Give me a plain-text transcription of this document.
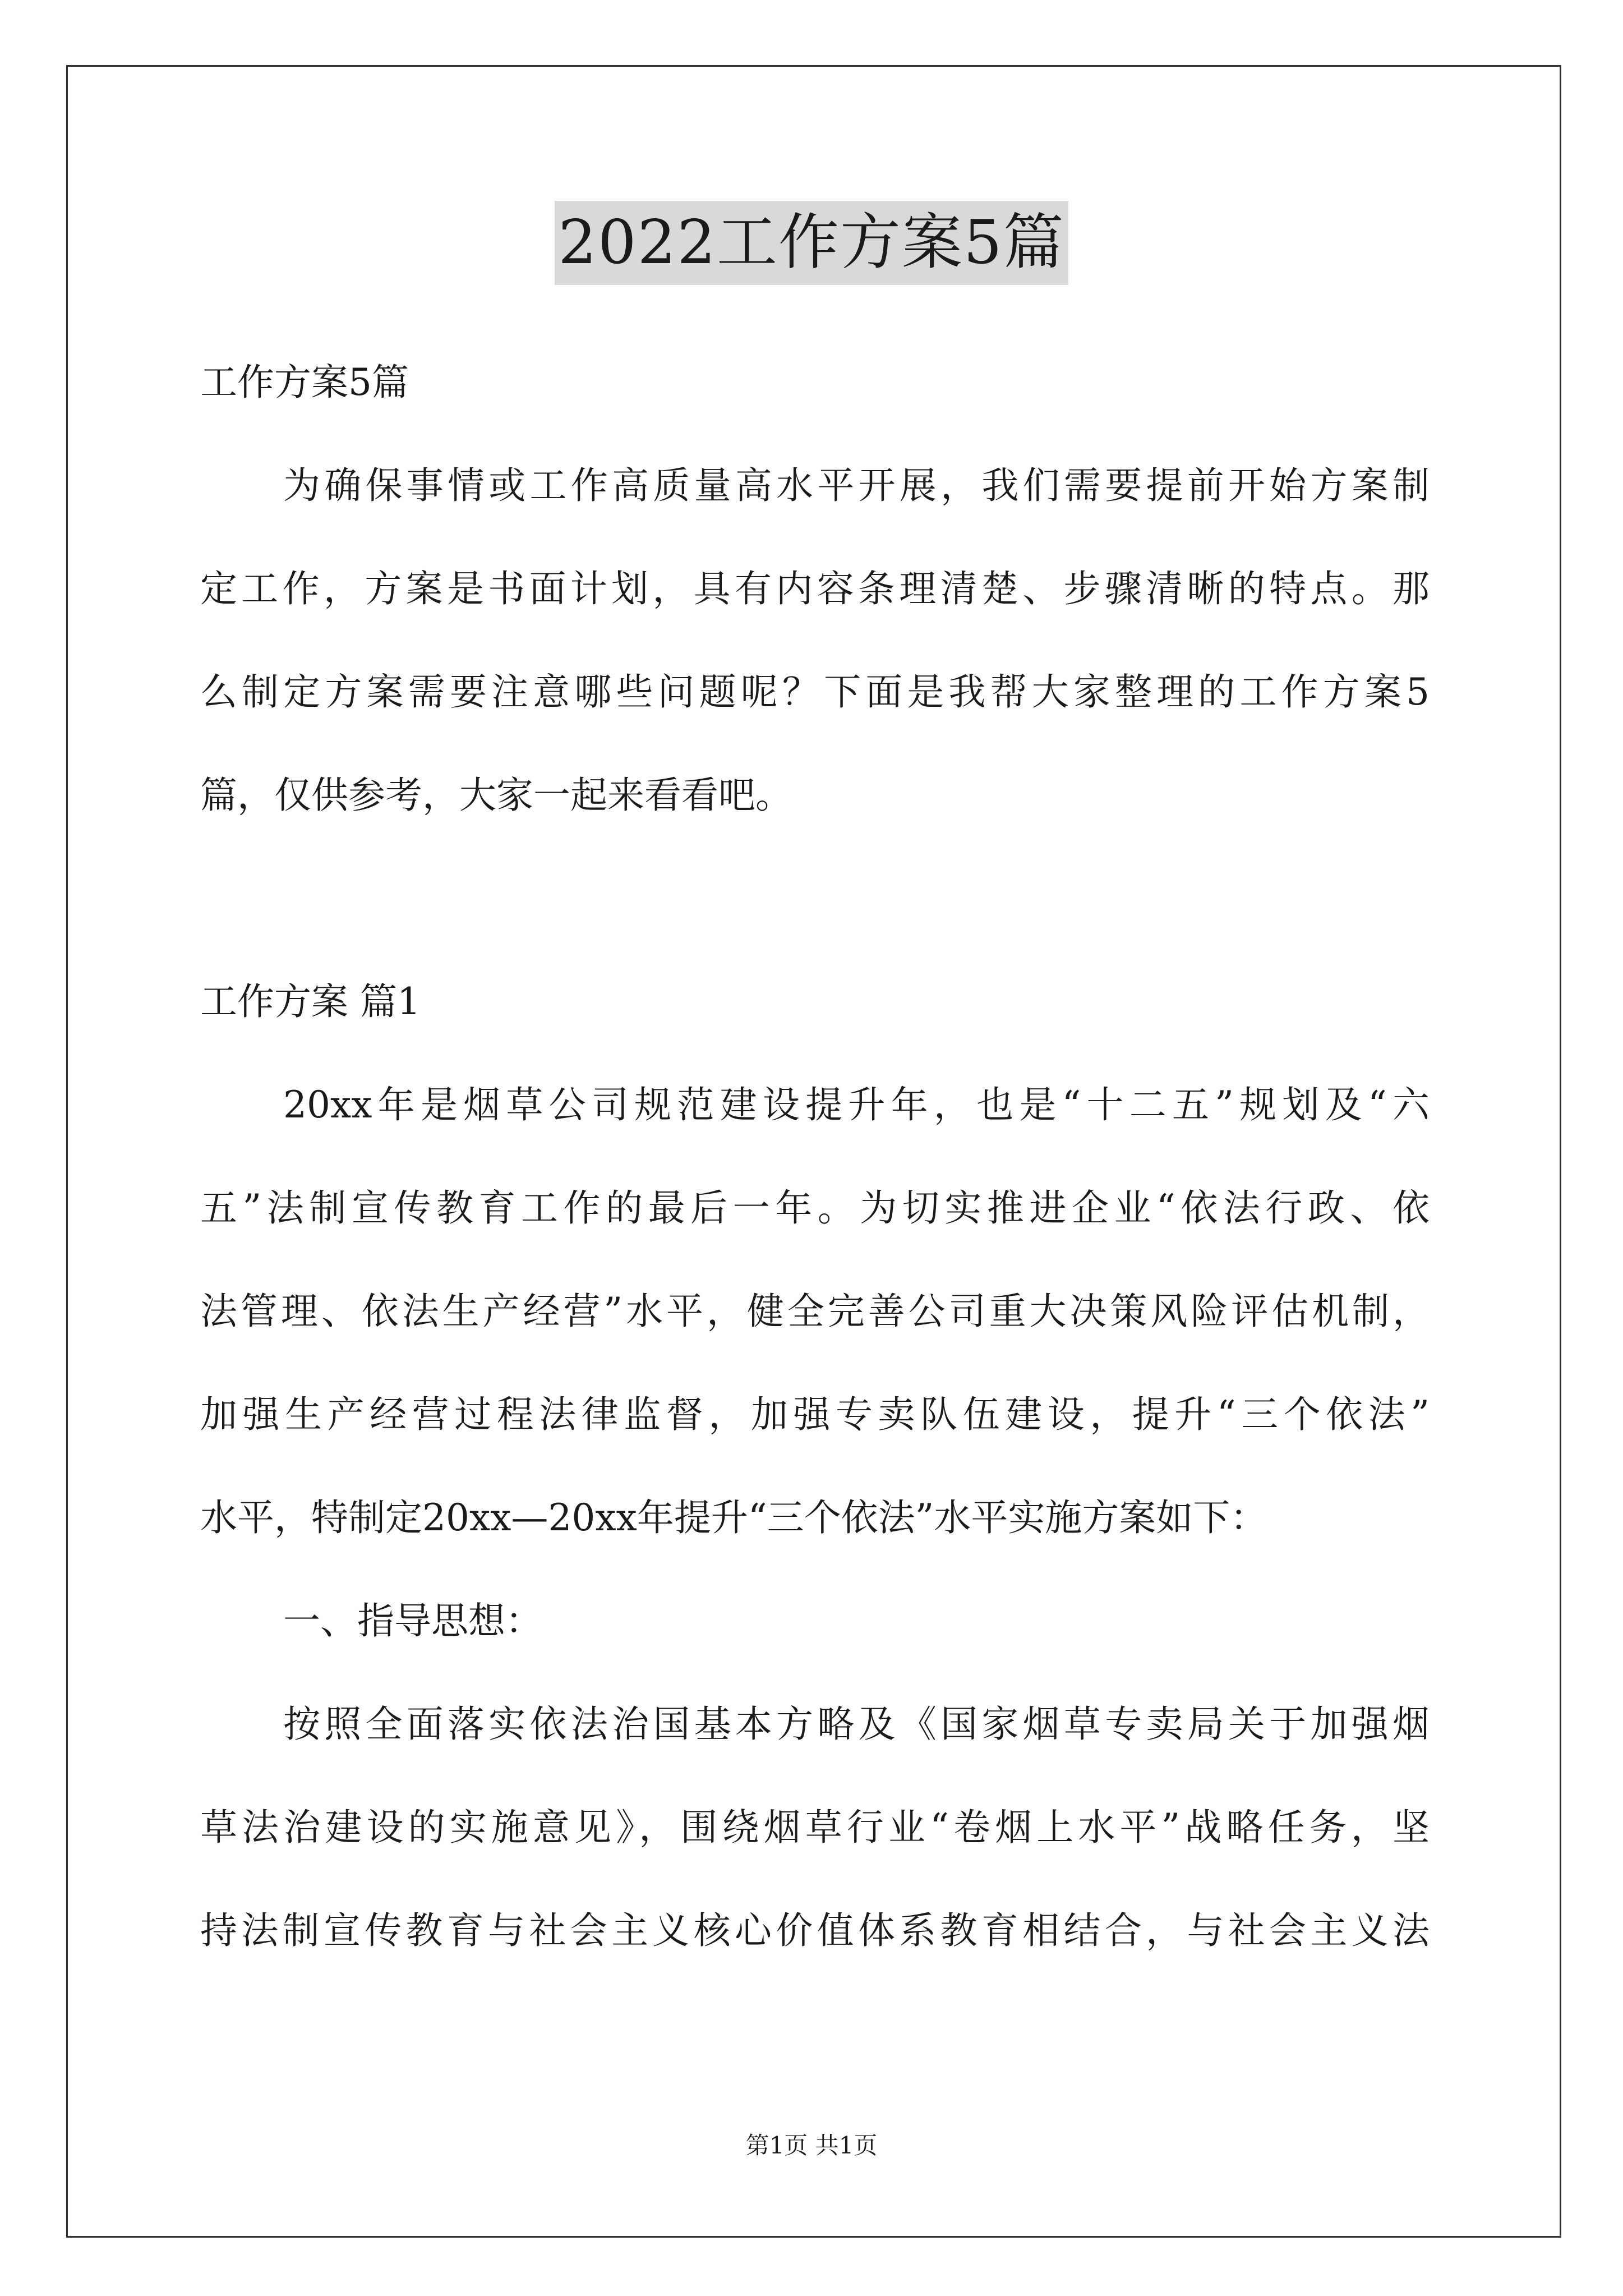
2022工作方案5篇

工作方案5篇

为确保事情或工作高质量高水平开展，我们需要提前开始方案制

定工作，方案是书面计划，具有内容条理清楚、步骤清晰的特点。那

么制定方案需要注意哪些问题呢？下面是我帮大家整理的工作方案5

篇，仅供参考，大家一起来看看吧。

工作方案 篇1

20xx年是烟草公司规范建设提升年，也是“十二五”规划及“六

五”法制宣传教育工作的最后一年。为切实推进企业“依法行政、依

法管理、依法生产经营”水平，健全完善公司重大决策风险评估机制，

加强生产经营过程法律监督，加强专卖队伍建设，提升“三个依法”

水平，特制定20xx—20xx年提升“三个依法”水平实施方案如下：

一、指导思想：

按照全面落实依法治国基本方略及《国家烟草专卖局关于加强烟

草法治建设的实施意见》，围绕烟草行业“卷烟上水平”战略任务，坚

持法制宣传教育与社会主义核心价值体系教育相结合，与社会主义法

第1页 共1页
